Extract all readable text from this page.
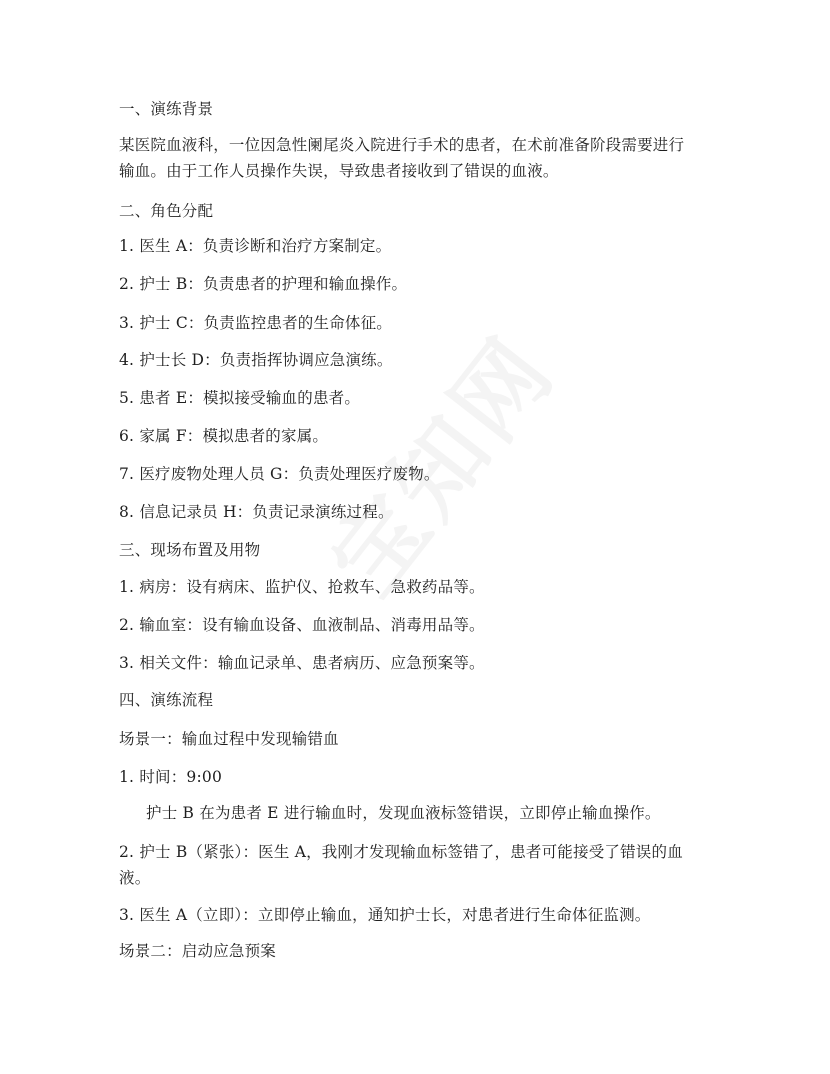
一、演练背景
某医院血液科，一位因急性阑尾炎入院进行手术的患者，在术前准备阶段需要进行
输血。由于工作人员操作失误，导致患者接收到了错误的血液。
二、角色分配
1. 医生 A：负责诊断和治疗方案制定。
2. 护士 B：负责患者的护理和输血操作。
3. 护士 C：负责监控患者的生命体征。
4. 护士长 D：负责指挥协调应急演练。
5. 患者 E：模拟接受输血的患者。
6. 家属 F：模拟患者的家属。
7. 医疗废物处理人员 G：负责处理医疗废物。
8. 信息记录员 H：负责记录演练过程。
三、现场布置及用物
1. 病房：设有病床、监护仪、抢救车、急救药品等。
2. 输血室：设有输血设备、血液制品、消毒用品等。
3. 相关文件：输血记录单、患者病历、应急预案等。
四、演练流程
场景一：输血过程中发现输错血
1. 时间：9:00
护士 B 在为患者 E 进行输血时，发现血液标签错误，立即停止输血操作。
2. 护士 B（紧张）：医生 A，我刚才发现输血标签错了，患者可能接受了错误的血
液。
3. 医生 A（立即）：立即停止输血，通知护士长，对患者进行生命体征监测。
场景二：启动应急预案
